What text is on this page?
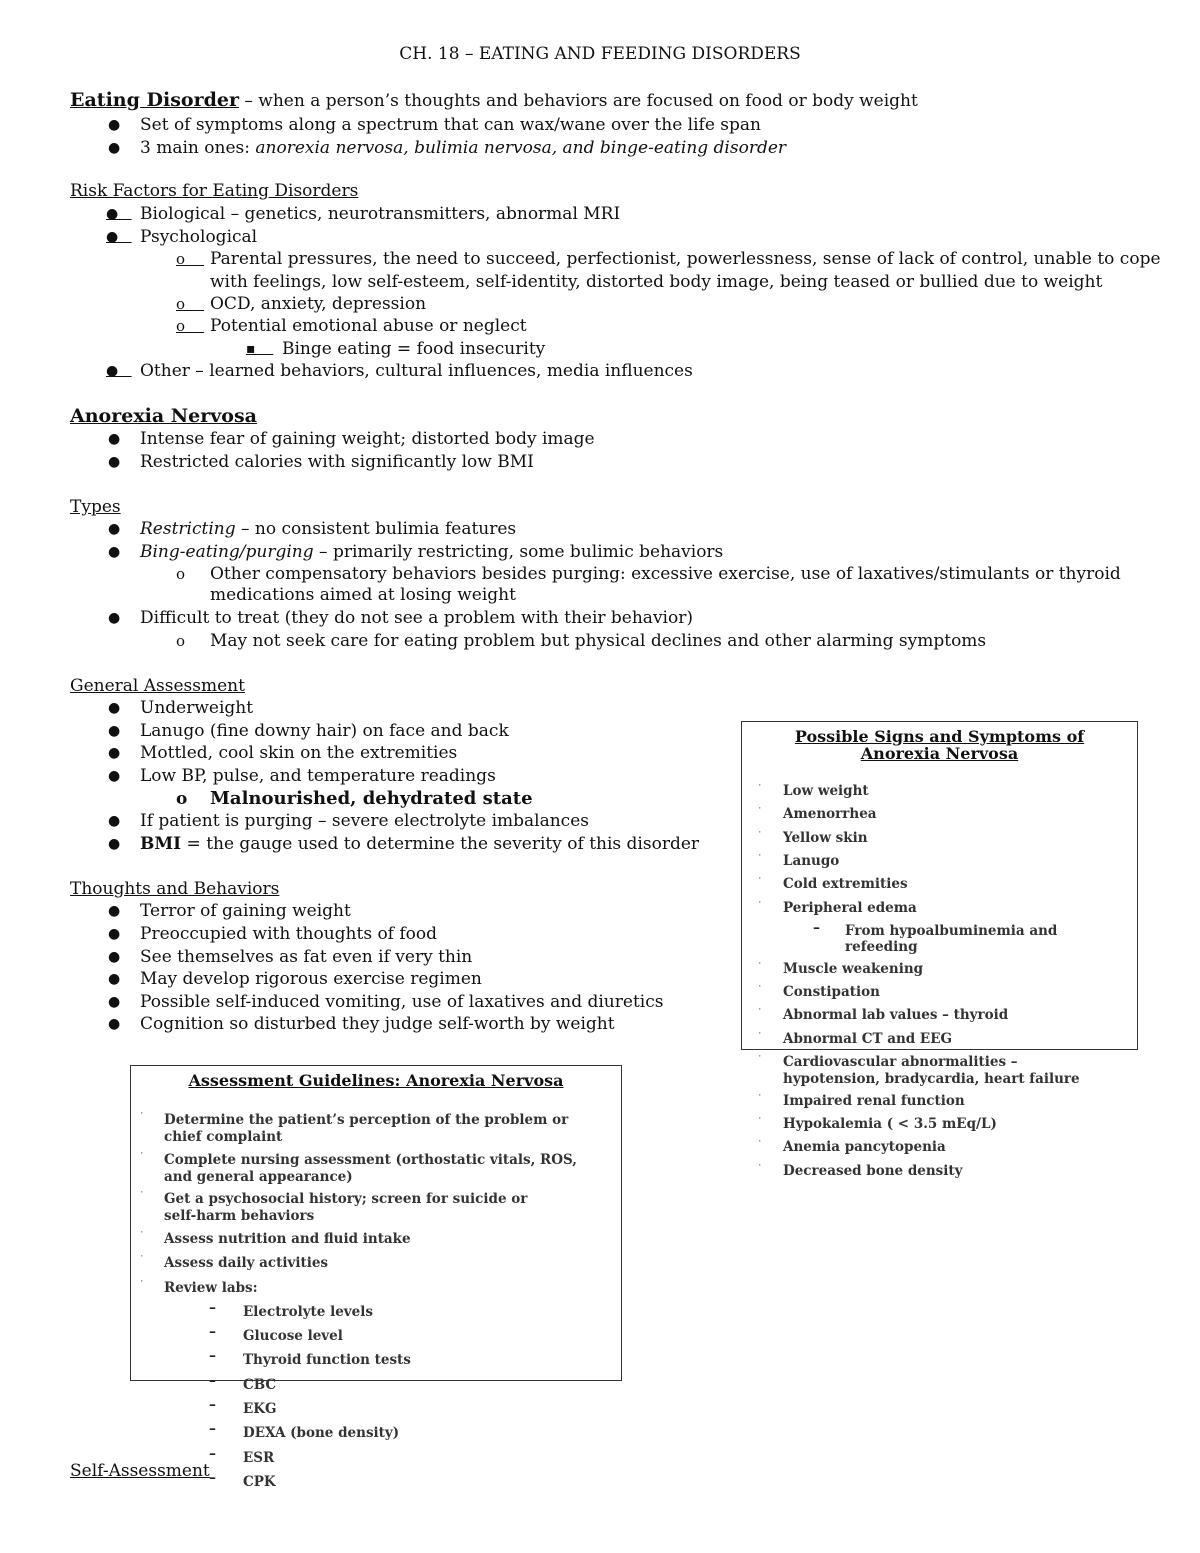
CH. 18 – EATING AND FEEDING DISORDERS
Eating Disorder – when a person’s thoughts and behaviors are focused on food or body weight
● Set of symptoms along a spectrum that can wax/wane over the life span
● 3 main ones: anorexia nervosa, bulimia nervosa, and binge-eating disorder
Risk Factors for Eating Disorders
● Biological – genetics, neurotransmitters, abnormal MRI
● Psychological
o Parental pressures, the need to succeed, perfectionist, powerlessness, sense of lack of control, unable to cope
with feelings, low self-esteem, self-identity, distorted body image, being teased or bullied due to weight
o OCD, anxiety, depression
o Potential emotional abuse or neglect
▪ Binge eating = food insecurity
● Other – learned behaviors, cultural influences, media influences
Anorexia Nervosa
● Intense fear of gaining weight; distorted body image
● Restricted calories with significantly low BMI
Types
● Restricting – no consistent bulimia features
● Bing-eating/purging – primarily restricting, some bulimic behaviors
o Other compensatory behaviors besides purging: excessive exercise, use of laxatives/stimulants or thyroid
medications aimed at losing weight
● Difficult to treat (they do not see a problem with their behavior)
o May not seek care for eating problem but physical declines and other alarming symptoms
General Assessment
● Underweight
● Lanugo (fine downy hair) on face and back
● Mottled, cool skin on the extremities
● Low BP, pulse, and temperature readings
o Malnourished, dehydrated state
● If patient is purging – severe electrolyte imbalances
● BMI = the gauge used to determine the severity of this disorder
Thoughts and Behaviors
● Terror of gaining weight
● Preoccupied with thoughts of food
● See themselves as fat even if very thin
● May develop rigorous exercise regimen
● Possible self-induced vomiting, use of laxatives and diuretics
● Cognition so disturbed they judge self-worth by weight
Possible Signs and Symptoms of
Anorexia Nervosa
˙ Low weight
˙ Amenorrhea
˙ Yellow skin
˙ Lanugo
˙ Cold extremities
˙ Peripheral edema
– From hypoalbuminemia and
refeeding
˙ Muscle weakening
˙ Constipation
˙ Abnormal lab values – thyroid
˙ Abnormal CT and EEG
˙ Cardiovascular abnormalities –
hypotension, bradycardia, heart failure
˙ Impaired renal function
˙ Hypokalemia ( < 3.5 mEq/L)
˙ Anemia pancytopenia
˙ Decreased bone density
Assessment Guidelines: Anorexia Nervosa
˙ Determine the patient’s perception of the problem or
chief complaint
˙ Complete nursing assessment (orthostatic vitals, ROS,
and general appearance)
˙ Get a psychosocial history; screen for suicide or
self-harm behaviors
˙ Assess nutrition and fluid intake
˙ Assess daily activities
˙ Review labs:
– Electrolyte levels
– Glucose level
– Thyroid function tests
– CBC
– EKG
– DEXA (bone density)
– ESR
– CPK
Self-Assessment
